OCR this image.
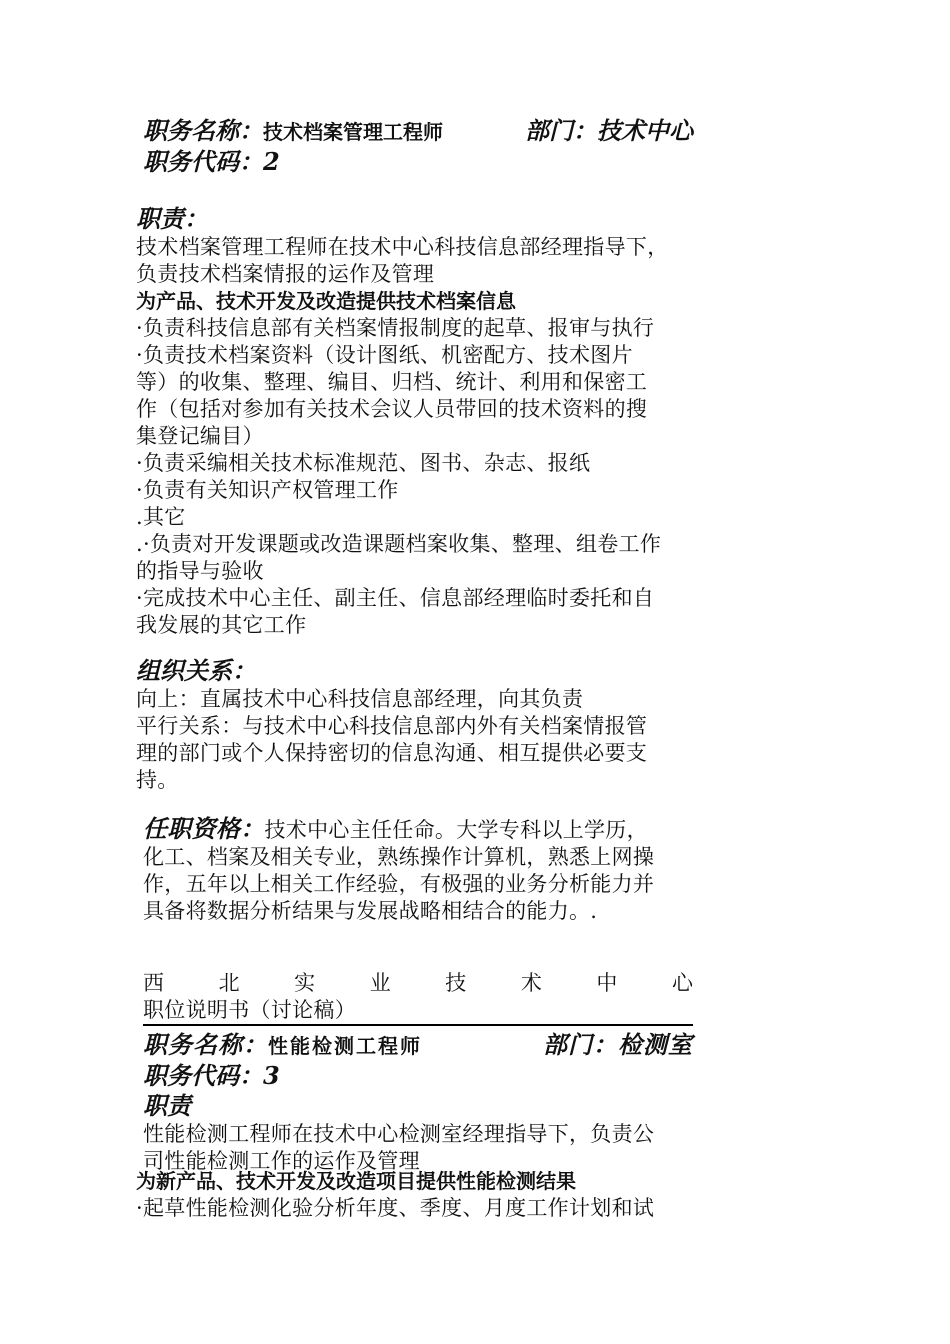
职务名称：技术档案管理工程师	部门：技术中心
职务代码：2
职责：
技术档案管理工程师在技术中心科技信息部经理指导下，
负责技术档案情报的运作及管理
为产品、技术开发及改造提供技术档案信息
·负责科技信息部有关档案情报制度的起草、报审与执行
·负责技术档案资料（设计图纸、机密配方、技术图片
等）的收集、整理、编目、归档、统计、利用和保密工
作（包括对参加有关技术会议人员带回的技术资料的搜
集登记编目）
·负责采编相关技术标准规范、图书、杂志、报纸
·负责有关知识产权管理工作
.其它
.·负责对开发课题或改造课题档案收集、整理、组卷工作
的指导与验收
·完成技术中心主任、副主任、信息部经理临时委托和自
我发展的其它工作
组织关系：
向上：直属技术中心科技信息部经理，向其负责
平行关系：与技术中心科技信息部内外有关档案情报管
理的部门或个人保持密切的信息沟通、相互提供必要支
持。
任职资格：技术中心主任任命。大学专科以上学历，
化工、档案及相关专业，熟练操作计算机，熟悉上网操
作，五年以上相关工作经验，有极强的业务分析能力并
具备将数据分析结果与发展战略相结合的能力。.
西	北	实	业	技	术	中	心
职位说明书（讨论稿）
职务名称：性能检测工程师	部门：检测室
职务代码：3
职责
性能检测工程师在技术中心检测室经理指导下，负责公
司性能检测工作的运作及管理
为新产品、技术开发及改造项目提供性能检测结果
·起草性能检测化验分析年度、季度、月度工作计划和试
